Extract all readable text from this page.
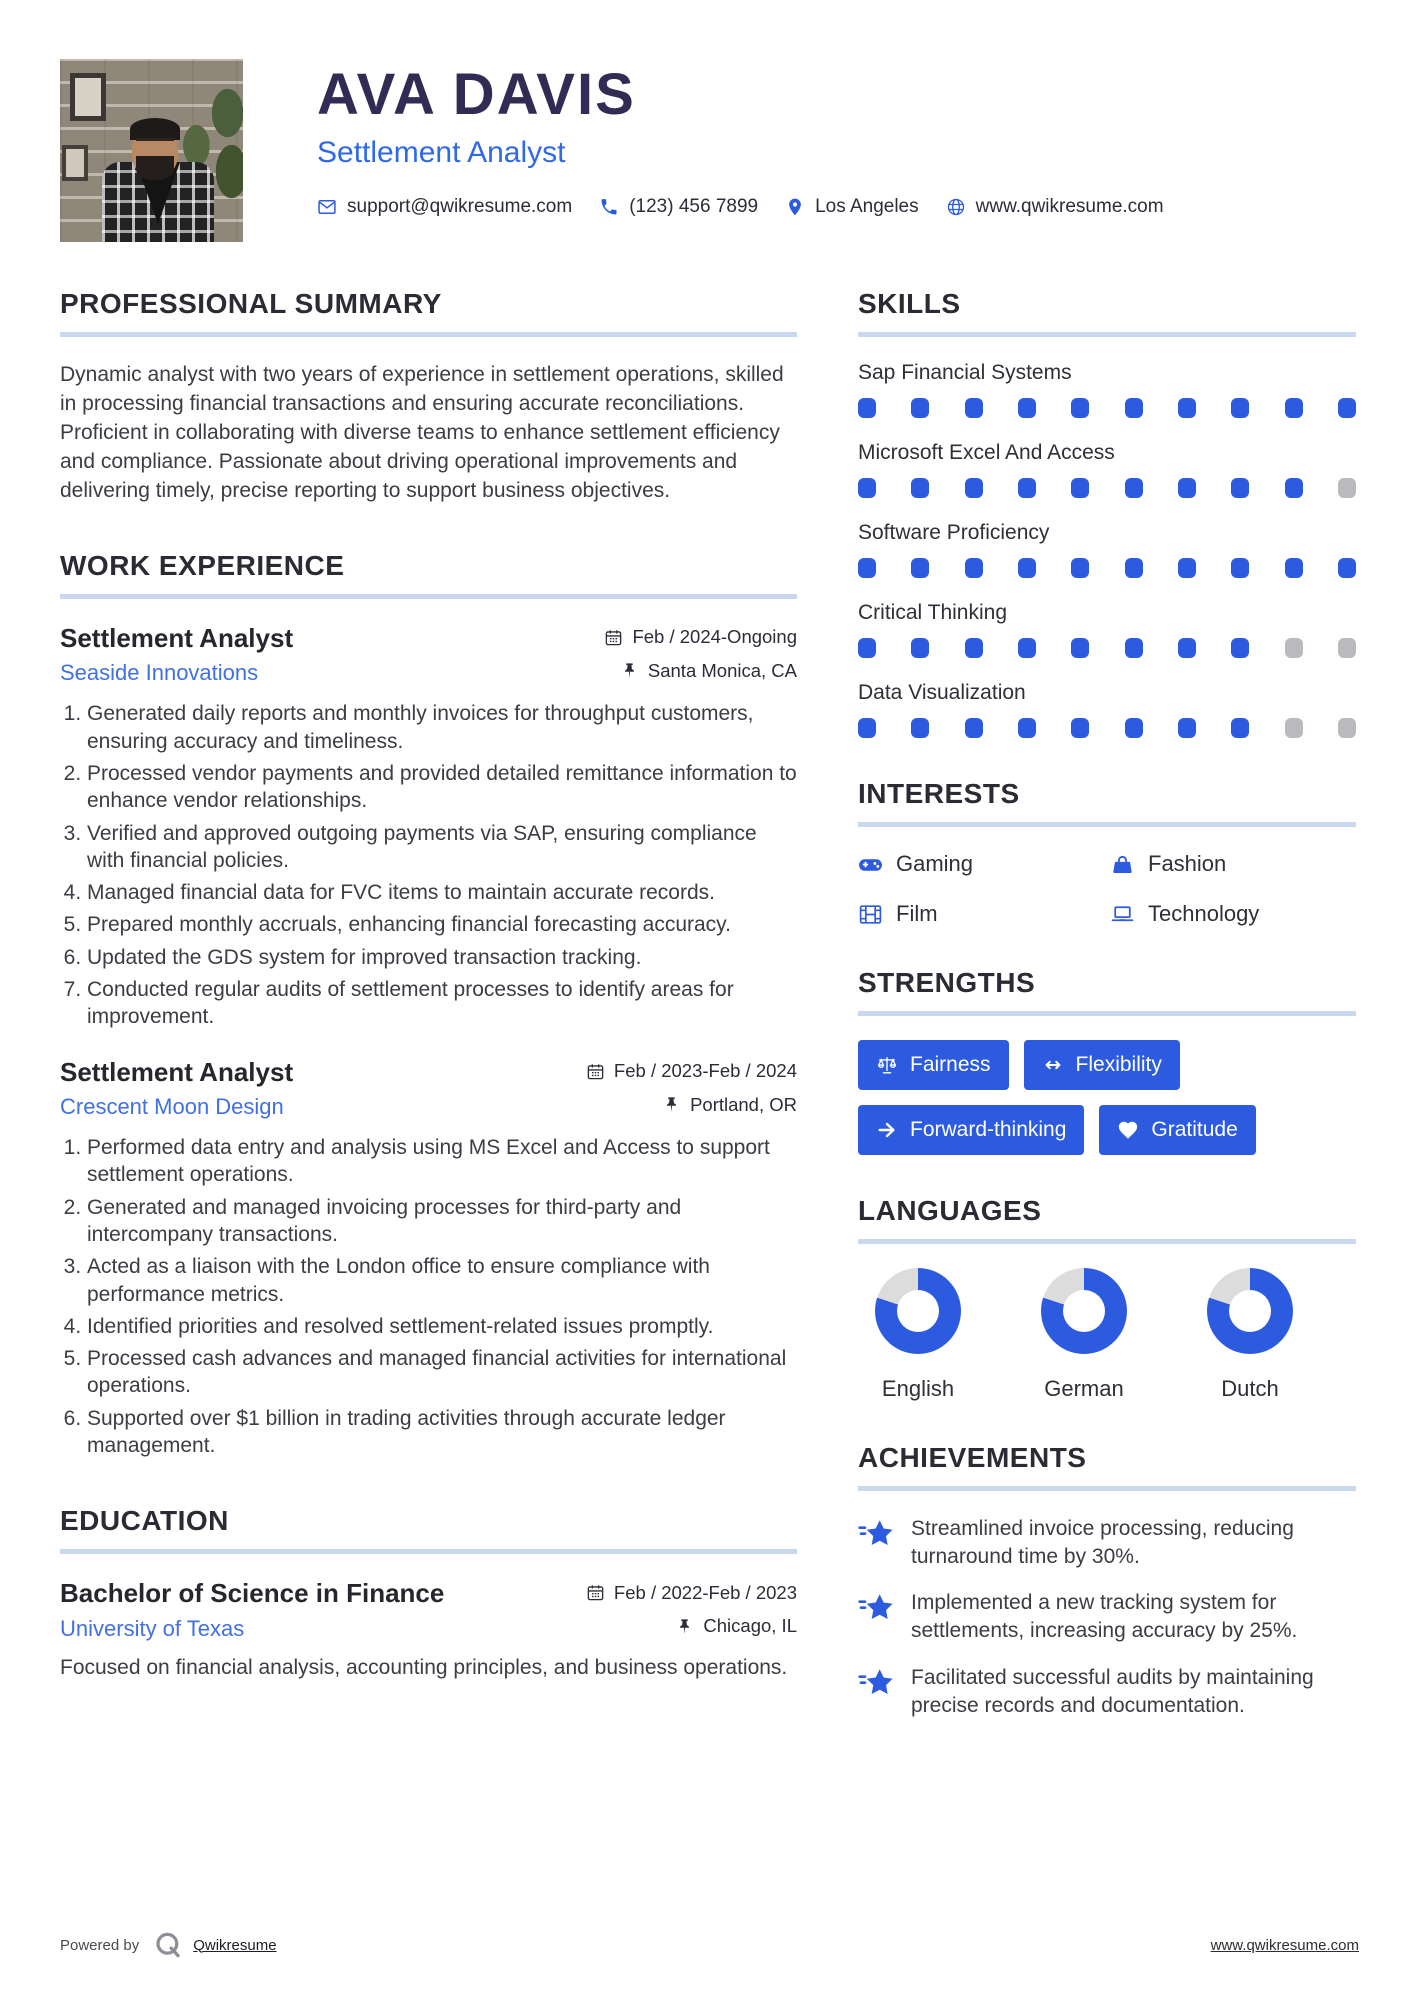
AVA DAVIS
Settlement Analyst
support@qwikresume.com	(123) 456 7899	Los Angeles	www.qwikresume.com
PROFESSIONAL SUMMARY

Dynamic analyst with two years of experience in settlement operations, skilled in processing financial transactions and ensuring accurate reconciliations. Proficient in collaborating with diverse teams to enhance settlement efficiency and compliance. Passionate about driving operational improvements and delivering timely, precise reporting to support business objectives.

WORK EXPERIENCE
Settlement Analyst	Feb / 2024-Ongoing
Seaside Innovations	Santa Monica, CA
1. Generated daily reports and monthly invoices for throughput customers, ensuring accuracy and timeliness.
2. Processed vendor payments and provided detailed remittance information to enhance vendor relationships.
3. Verified and approved outgoing payments via SAP, ensuring compliance with financial policies.
4. Managed financial data for FVC items to maintain accurate records.
5. Prepared monthly accruals, enhancing financial forecasting accuracy.
6. Updated the GDS system for improved transaction tracking.
7. Conducted regular audits of settlement processes to identify areas for improvement.
Settlement Analyst	Feb / 2023-Feb / 2024
Crescent Moon Design	Portland, OR
1. Performed data entry and analysis using MS Excel and Access to support settlement operations.
2. Generated and managed invoicing processes for third-party and intercompany transactions.
3. Acted as a liaison with the London office to ensure compliance with performance metrics.
4. Identified priorities and resolved settlement-related issues promptly.
5. Processed cash advances and managed financial activities for international operations.
6. Supported over $1 billion in trading activities through accurate ledger management.
EDUCATION
Bachelor of Science in Finance	Feb / 2022-Feb / 2023
University of Texas	Chicago, IL

Focused on financial analysis, accounting principles, and business operations.

SKILLS
Sap Financial Systems
Microsoft Excel And Access
Software Proficiency
Critical Thinking
Data Visualization
INTERESTS
Gaming	Fashion
Film	Technology
STRENGTHS
Fairness	Flexibility
Forward-thinking	Gratitude
LANGUAGES
English	German	Dutch
ACHIEVEMENTS
Streamlined invoice processing, reducing turnaround time by 30%.
Implemented a new tracking system for settlements, increasing accuracy by 25%.
Facilitated successful audits by maintaining precise records and documentation.
Powered by	Qwikresume	www.qwikresume.com
